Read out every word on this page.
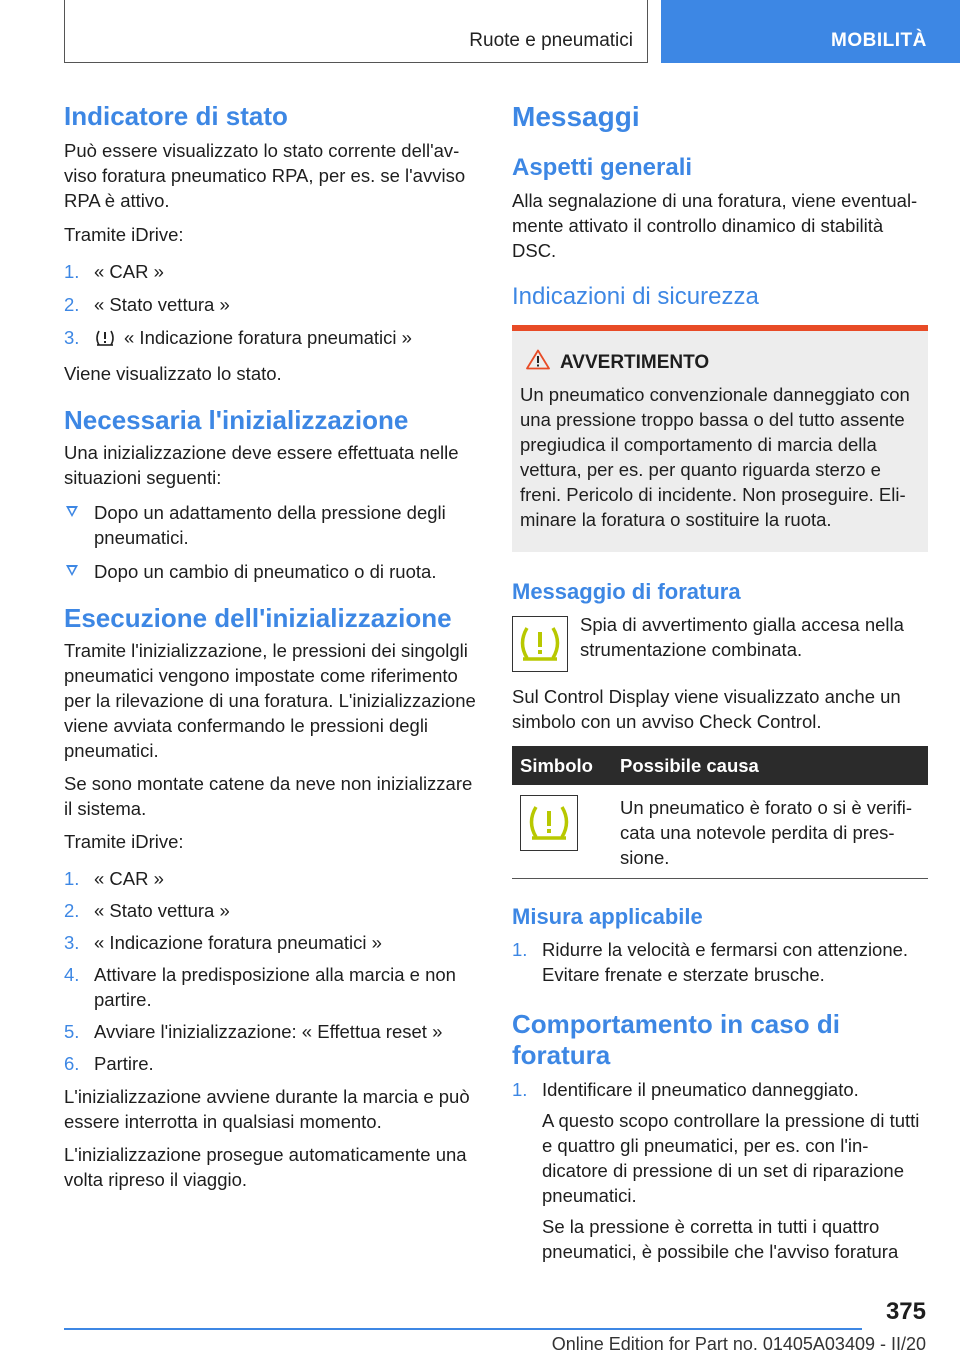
Ruote e pneumatici	MOBILITÀ
Indicatore di stato

Può essere visualizzato lo stato corrente dell'av‐ viso foratura pneumatico RPA, per es. se l'avviso RPA è attivo.

Tramite iDrive:

1. « CAR »
2. « Stato vettura »
3. « Indicazione foratura pneumatici »

Viene visualizzato lo stato.

Necessaria l'inizializzazione

Una inizializzazione deve essere effettuata nelle situazioni seguenti:

Dopo un adattamento della pressione degli pneumatici.
Dopo un cambio di pneumatico o di ruota.
Esecuzione dell'inizializzazione

Tramite l'inizializzazione, le pressioni dei singolgli pneumatici vengono impostate come riferimento per la rilevazione di una foratura. L'inizializzazione viene avviata confermando le pressioni degli pneumatici.

Se sono montate catene da neve non inizializzare il sistema.

Tramite iDrive:

1. « CAR »
2. « Stato vettura »
3. « Indicazione foratura pneumatici »
4. Attivare la predisposizione alla marcia e non partire.
5. Avviare l'inizializzazione: « Effettua reset »
6. Partire.

L'inizializzazione avviene durante la marcia e può essere interrotta in qualsiasi momento.

L'inizializzazione prosegue automaticamente una volta ripreso il viaggio.

Messaggi
Aspetti generali

Alla segnalazione di una foratura, viene eventual‐ mente attivato il controllo dinamico di stabilità DSC.

Indicazioni di sicurezza
AVVERTIMENTO

Un pneumatico convenzionale danneggiato con una pressione troppo bassa o del tutto assente pregiudica il comportamento di marcia della vettura, per es. per quanto riguarda sterzo e freni. Pericolo di incidente. Non proseguire. Eli‐ minare la foratura o sostituire la ruota.

Messaggio di foratura

Spia di avvertimento gialla accesa nella strumentazione combinata.

Sul Control Display viene visualizzato anche un simbolo con un avviso Check Control.

Simbolo	Possibile causa

	Un pneumatico è forato o si è verifi‐ cata una notevole perdita di pres‐ sione.
Misura applicabile
1. Ridurre la velocità e fermarsi con attenzione. Evitare frenate e sterzate brusche.
Comportamento in caso di foratura
1. Identificare il pneumatico danneggiato.

A questo scopo controllare la pressione di tutti e quattro gli pneumatici, per es. con l'in‐ dicatore di pressione di un set di riparazione pneumatici.

Se la pressione è corretta in tutti i quattro pneumatici, è possibile che l'avviso foratura

375
Online Edition for Part no. 01405A03409 - II/20
